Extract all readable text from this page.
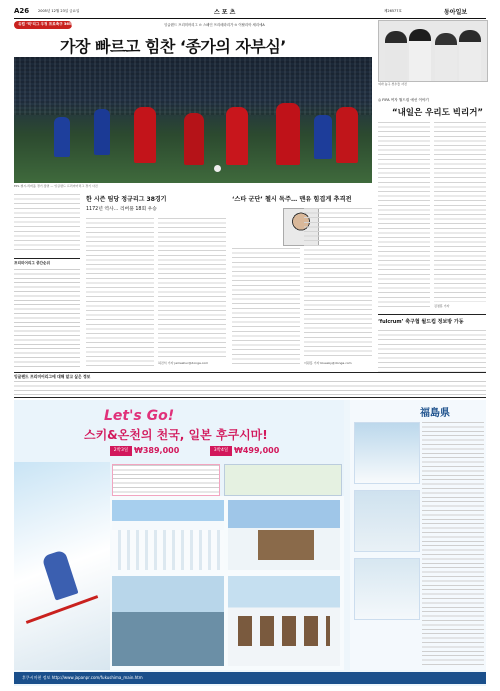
A26	2005년 12월 23일 금요일	스포츠	제26577호	동아일보
유럽 ‘빅’리그 우정 프로축구 36라운드	잉글랜드 프리미어리그 ⊙ 스페인 프리메라리가 ⊙ 이탈리아 세리에A
가장 빠르고 힘찬 ‘종가의 자부심’
EPL 첼시-리버풀 경기 장면 — 잉글랜드 프리미어리그 경기 사진
프리미어리그 중간순위
한 시즌 팀당 정규리그 38경기
1172년 역사… 리버풀 18회 우승
허진석 기자 jameshur@donga.com
‘스타 군단’ 첼시 독주… 맨유 힘겹게 추격전
이원홍 기자 bluesky@donga.com
여자 농구 선수들 사진
◎ FIFA 여자 월드컵 예선 이야기
“내일은 우리도 빅리거”
김정훈 기자
‘fulcrum’ 축구협 월드컵 정보방 가동
잉글랜드 프리미어리그에 대해 알고 싶은 정보
Let's Go!
스키&온천의 천국, 일본 후쿠시마!
2박3일 ₩389,000	3박4일 ₩499,000
福島県
후쿠시마현 정보 http://www.japanpr.com/fukushima_main.htm
